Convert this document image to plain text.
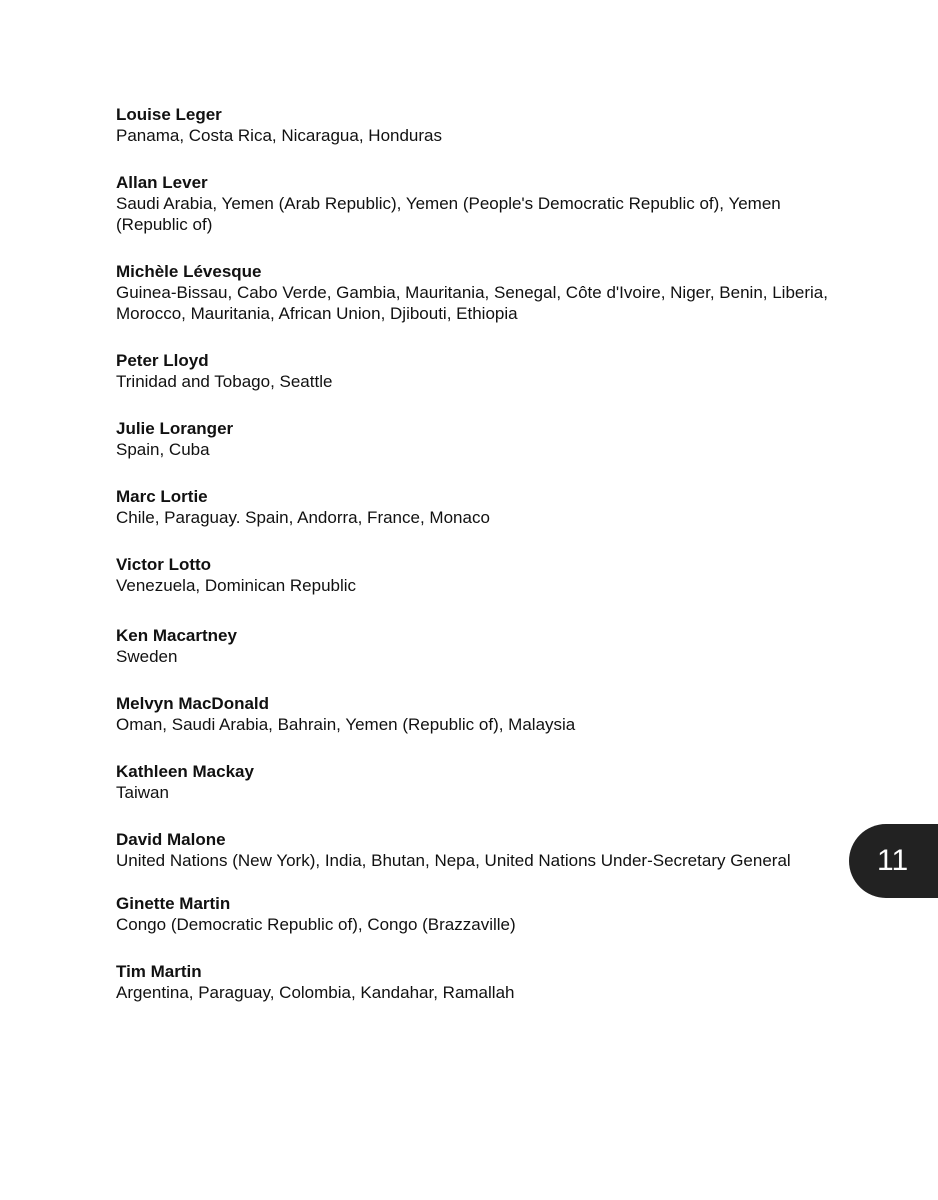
Louise Leger

Panama, Costa Rica, Nicaragua, Honduras

Allan Lever

Saudi Arabia, Yemen (Arab Republic), Yemen (People's Democratic Republic of), Yemen (Republic of)

Michèle Lévesque

Guinea-Bissau, Cabo Verde, Gambia, Mauritania, Senegal, Côte d'Ivoire, Niger, Benin, Liberia, Morocco, Mauritania, African Union, Djibouti, Ethiopia

Peter Lloyd

Trinidad and Tobago, Seattle

Julie Loranger

Spain, Cuba

Marc Lortie

Chile, Paraguay. Spain, Andorra, France, Monaco

Victor Lotto

Venezuela, Dominican Republic

Ken Macartney

Sweden

Melvyn MacDonald

Oman, Saudi Arabia, Bahrain, Yemen (Republic of), Malaysia

Kathleen Mackay

Taiwan

David Malone

United Nations (New York), India, Bhutan, Nepa, United Nations Under-Secretary General

Ginette Martin

Congo (Democratic Republic of), Congo (Brazzaville)

Tim Martin

Argentina, Paraguay, Colombia, Kandahar, Ramallah

11
